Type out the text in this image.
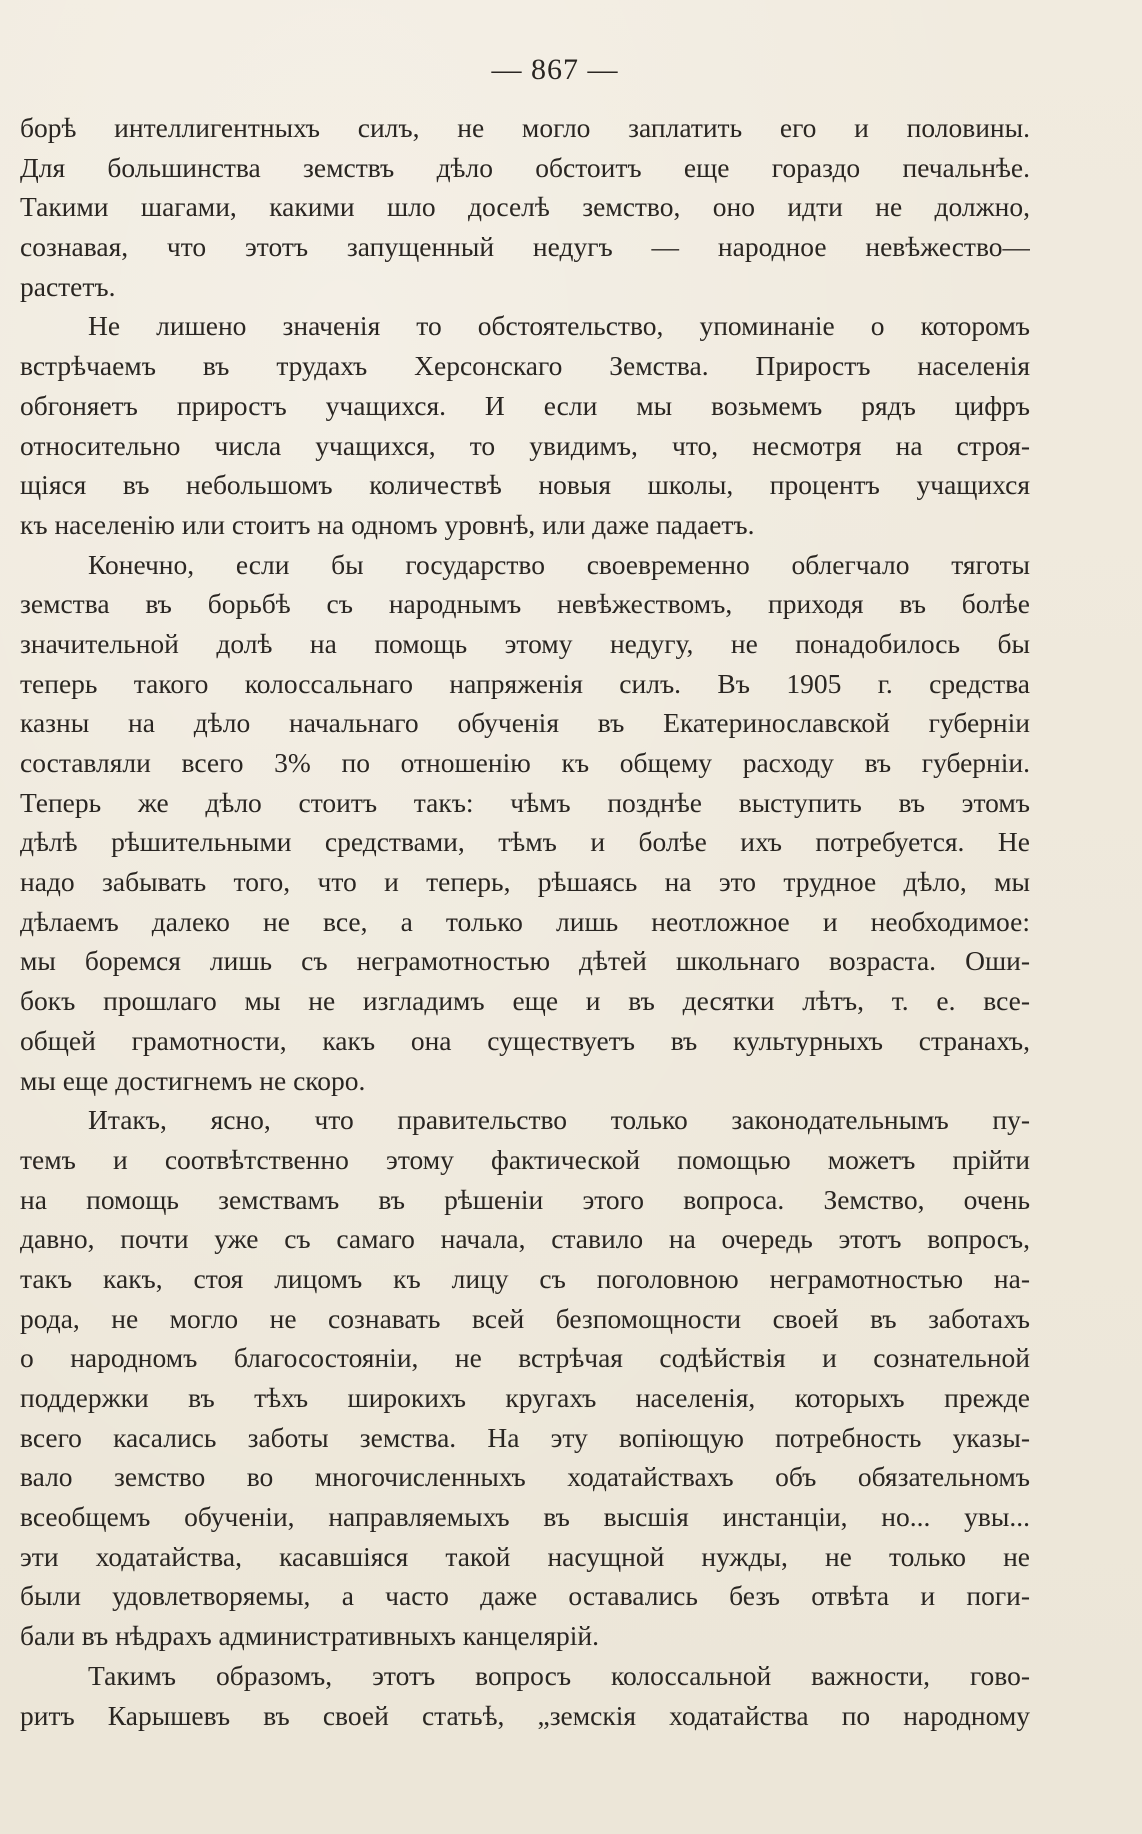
— 867 —
борѣ интеллигентныхъ силъ, не могло заплатить его и половины.
Для большинства земствъ дѣло обстоитъ еще гораздо печальнѣе.
Такими шагами, какими шло доселѣ земство, оно идти не должно,
сознавая, что этотъ запущенный недугъ — народное невѣжество—
растетъ.
Не лишено значенія то обстоятельство, упоминаніе о которомъ
встрѣчаемъ въ трудахъ Херсонскаго Земства. Приростъ населенія
обгоняетъ приростъ учащихся. И если мы возьмемъ рядъ цифръ
относительно числа учащихся, то увидимъ, что, несмотря на строя-
щіяся въ небольшомъ количествѣ новыя школы, процентъ учащихся
къ населенію или стоитъ на одномъ уровнѣ, или даже падаетъ.
Конечно, если бы государство своевременно облегчало тяготы
земства въ борьбѣ съ народнымъ невѣжествомъ, приходя въ болѣе
значительной долѣ на помощь этому недугу, не понадобилось бы
теперь такого колоссальнаго напряженія силъ. Въ 1905 г. средства
казны на дѣло начальнаго обученія въ Екатеринославской губерніи
составляли всего 3% по отношенію къ общему расходу въ губерніи.
Теперь же дѣло стоитъ такъ: чѣмъ позднѣе выступить въ этомъ
дѣлѣ рѣшительными средствами, тѣмъ и болѣе ихъ потребуется. Не
надо забывать того, что и теперь, рѣшаясь на это трудное дѣло, мы
дѣлаемъ далеко не все, а только лишь неотложное и необходимое:
мы боремся лишь съ неграмотностью дѣтей школьнаго возраста. Оши-
бокъ прошлаго мы не изгладимъ еще и въ десятки лѣтъ, т. е. все-
общей грамотности, какъ она существуетъ въ культурныхъ странахъ,
мы еще достигнемъ не скоро.
Итакъ, ясно, что правительство только законодательнымъ пу-
темъ и соотвѣтственно этому фактической помощью можетъ прійти
на помощь земствамъ въ рѣшеніи этого вопроса. Земство, очень
давно, почти уже съ самаго начала, ставило на очередь этотъ вопросъ,
такъ какъ, стоя лицомъ къ лицу съ поголовною неграмотностью на-
рода, не могло не сознавать всей безпомощности своей въ заботахъ
о народномъ благосостояніи, не встрѣчая содѣйствія и сознательной
поддержки въ тѣхъ широкихъ кругахъ населенія, которыхъ прежде
всего касались заботы земства. На эту вопіющую потребность указы-
вало земство во многочисленныхъ ходатайствахъ объ обязательномъ
всеобщемъ обученіи, направляемыхъ въ высшія инстанціи, но... увы...
эти ходатайства, касавшіяся такой насущной нужды, не только не
были удовлетворяемы, а часто даже оставались безъ отвѣта и поги-
бали въ нѣдрахъ административныхъ канцелярій.
Такимъ образомъ, этотъ вопросъ колоссальной важности, гово-
ритъ Карышевъ въ своей статьѣ, „земскія ходатайства по народному
